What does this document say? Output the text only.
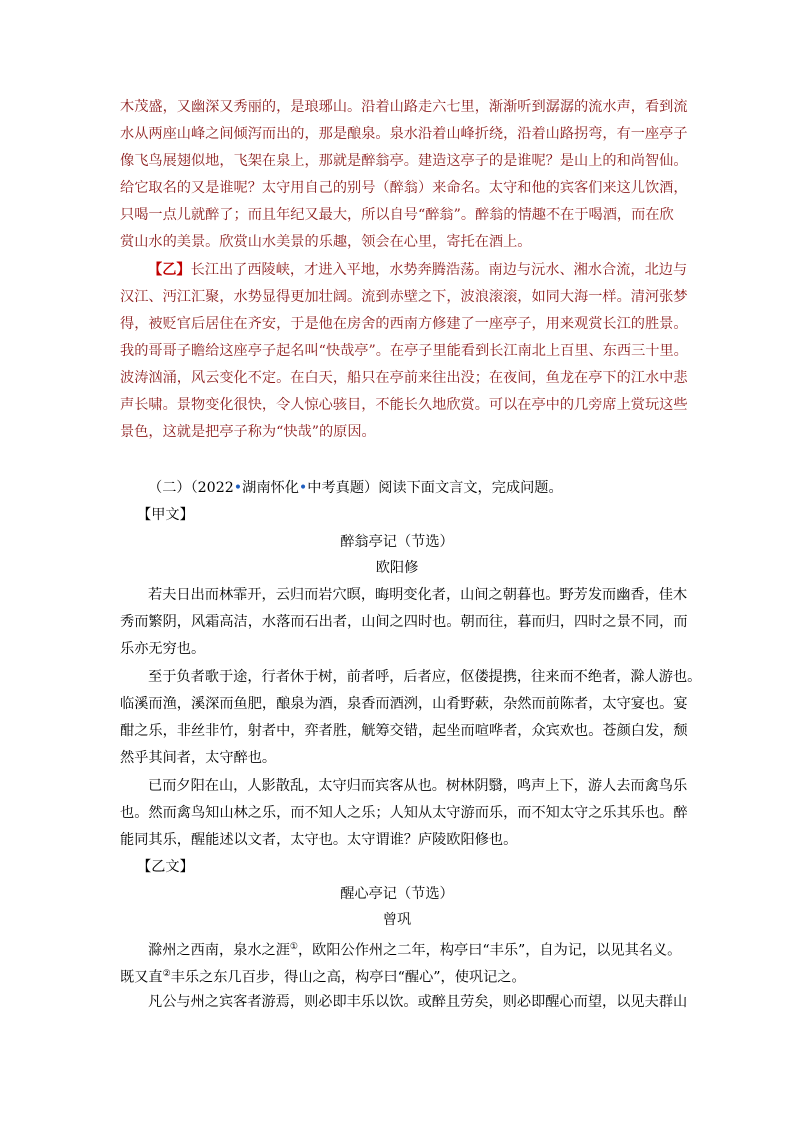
木茂盛，又幽深又秀丽的，是琅琊山。沿着山路走六七里，渐渐听到潺潺的流水声，看到流
水从两座山峰之间倾泻而出的，那是酿泉。泉水沿着山峰折绕，沿着山路拐弯，有一座亭子
像飞鸟展翅似地，飞架在泉上，那就是醉翁亭。建造这亭子的是谁呢？是山上的和尚智仙。
给它取名的又是谁呢？太守用自己的别号（醉翁）来命名。太守和他的宾客们来这儿饮酒，
只喝一点儿就醉了；而且年纪又最大，所以自号“醉翁”。醉翁的情趣不在于喝酒，而在欣
赏山水的美景。欣赏山水美景的乐趣，领会在心里，寄托在酒上。
【乙】长江出了西陵峡，才进入平地，水势奔腾浩荡。南边与沅水、湘水合流，北边与
汉江、沔江汇聚，水势显得更加壮阔。流到赤壁之下，波浪滚滚，如同大海一样。清河张梦
得，被贬官后居住在齐安，于是他在房舍的西南方修建了一座亭子，用来观赏长江的胜景。
我的哥哥子瞻给这座亭子起名叫“快哉亭”。在亭子里能看到长江南北上百里、东西三十里。
波涛汹涌，风云变化不定。在白天，船只在亭前来往出没；在夜间，鱼龙在亭下的江水中悲
声长啸。景物变化很快，令人惊心骇目，不能长久地欣赏。可以在亭中的几旁席上赏玩这些
景色，这就是把亭子称为“快哉”的原因。
（二）（2022•湖南怀化•中考真题）阅读下面文言文，完成问题。
【甲文】
醉翁亭记（节选）
欧阳修
若夫日出而林霏开，云归而岩穴暝，晦明变化者，山间之朝暮也。野芳发而幽香，佳木
秀而繁阴，风霜高洁，水落而石出者，山间之四时也。朝而往，暮而归，四时之景不同，而
乐亦无穷也。
至于负者歌于途，行者休于树，前者呼，后者应，伛偻提携，往来而不绝者，滁人游也。
临溪而渔，溪深而鱼肥，酿泉为酒，泉香而酒洌，山肴野蔌，杂然而前陈者，太守宴也。宴
酣之乐，非丝非竹，射者中，弈者胜，觥筹交错，起坐而喧哗者，众宾欢也。苍颜白发，颓
然乎其间者，太守醉也。
已而夕阳在山，人影散乱，太守归而宾客从也。树林阴翳，鸣声上下，游人去而禽鸟乐
也。然而禽鸟知山林之乐，而不知人之乐；人知从太守游而乐，而不知太守之乐其乐也。醉
能同其乐，醒能述以文者，太守也。太守谓谁？庐陵欧阳修也。
【乙文】
醒心亭记（节选）
曾巩
滁州之西南，泉水之涯①，欧阳公作州之二年，构亭曰“丰乐”，自为记，以见其名义。
既又直②丰乐之东几百步，得山之高，构亭曰“醒心”，使巩记之。
凡公与州之宾客者游焉，则必即丰乐以饮。或醉且劳矣，则必即醒心而望，以见夫群山
